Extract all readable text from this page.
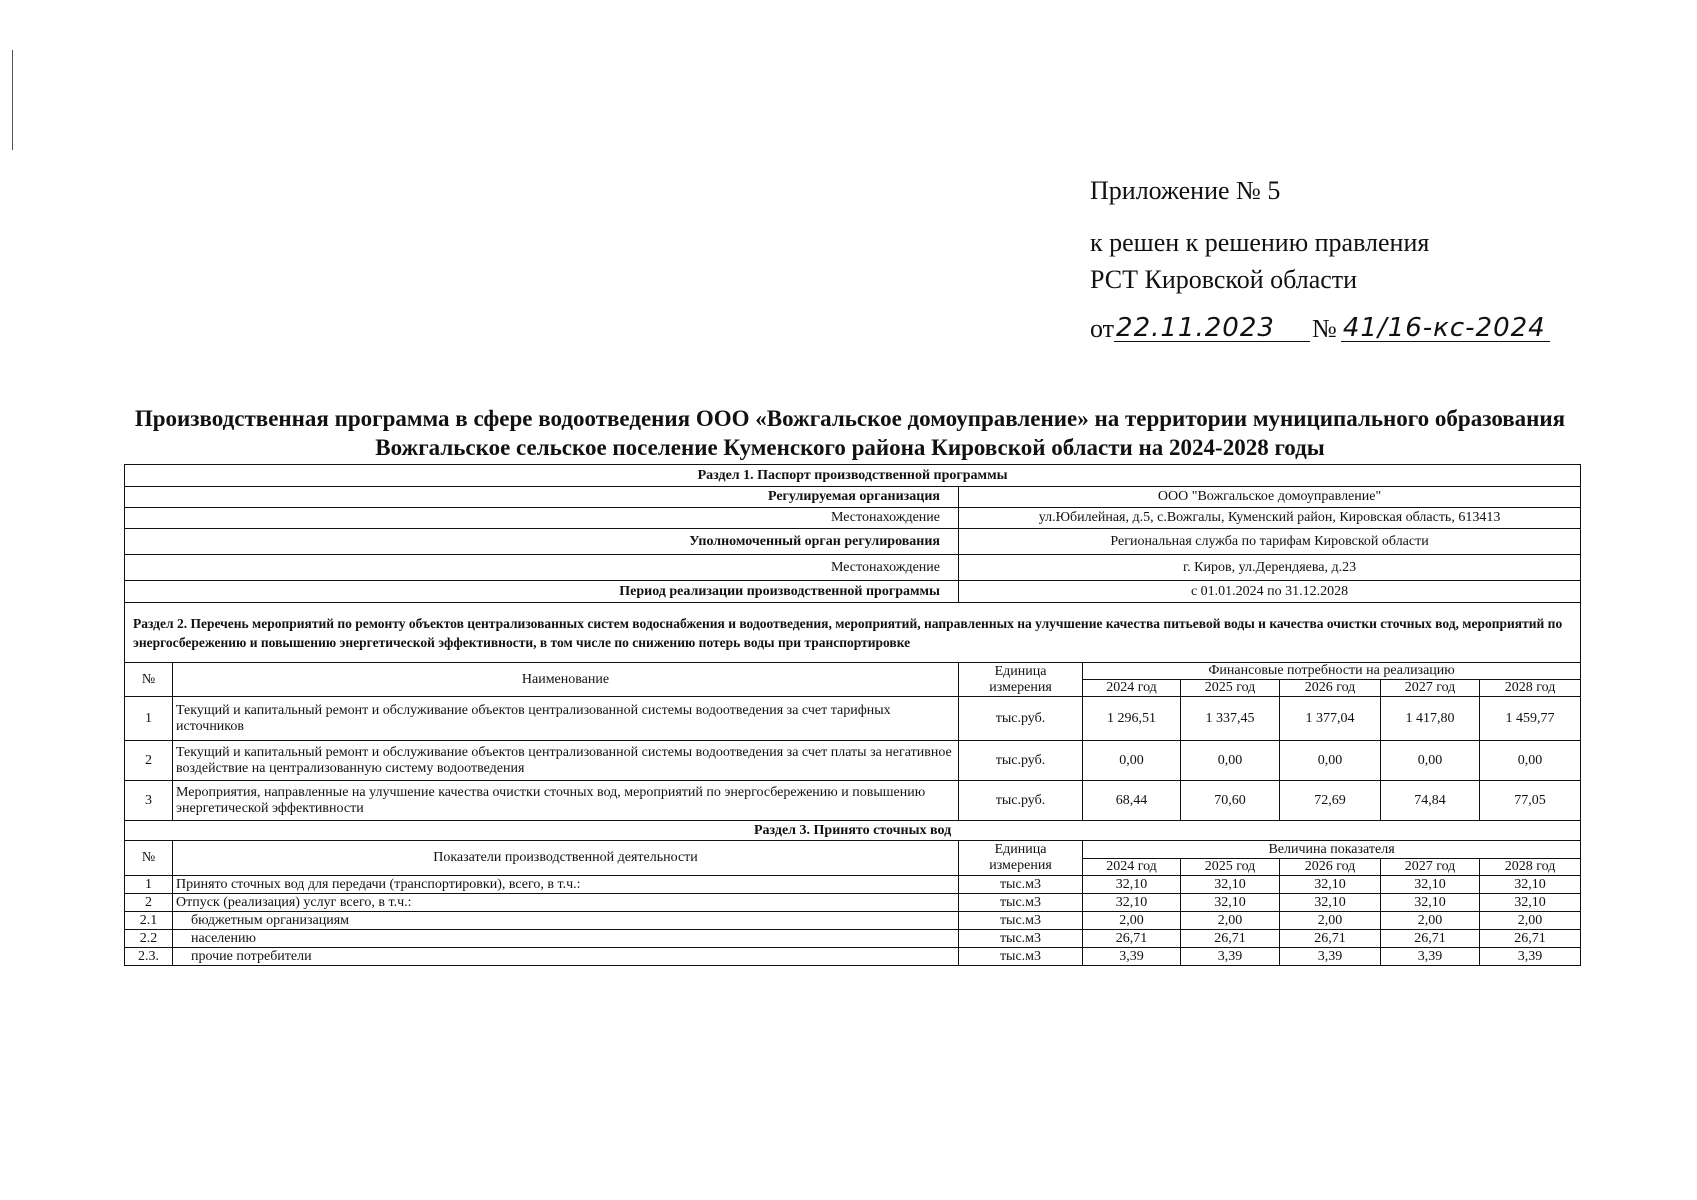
Приложение № 5
к решен к решению правления
РСТ Кировской области
от 22.11.2023	№ 41/16-кс-2024
Производственная программа в сфере водоотведения ООО «Вожгальское домоуправление» на территории муниципального образования Вожгальское сельское поселение Куменского района Кировской области на 2024-2028 годы
Раздел 1. Паспорт производственной программы							
Регулируемая организация		ООО "Вожгальское домоуправление"					
Местонахождение		ул.Юбилейная, д.5, с.Вожгалы, Куменский район, Кировская область, 613413					
Уполномоченный орган регулирования		Региональная служба по тарифам Кировской области					
Местонахождение		г. Киров, ул.Дерендяева, д.23					
Период реализации производственной программы		с 01.01.2024 по 31.12.2028					
Раздел 2. Перечень мероприятий по ремонту объектов централизованных систем водоснабжения и водоотведения, мероприятий, направленных на улучшение качества питьевой воды и качества очистки сточных вод, мероприятий по энергосбережению и повышению энергетической эффективности, в том числе по снижению потерь воды при транспортировке							
№	Наименование	Единица измерения	Финансовые потребности на реализацию				
			2024 год	2025 год	2026 год	2027 год	2028 год
1	Текущий и капитальный ремонт и обслуживание объектов централизованной системы водоотведения за счет тарифных источников	тыс.руб.	1 296,51	1 337,45	1 377,04	1 417,80	1 459,77
2	Текущий и капитальный ремонт и обслуживание объектов централизованной системы водоотведения за счет платы за негативное воздействие на централизованную систему водоотведения	тыс.руб.	0,00	0,00	0,00	0,00	0,00
3	Мероприятия, направленные на улучшение качества очистки сточных вод, мероприятий по энергосбережению и повышению энергетической эффективности	тыс.руб.	68,44	70,60	72,69	74,84	77,05
Раздел 3. Принято сточных вод							
№	Показатели производственной деятельности	Единица измерения	Величина показателя				
			2024 год	2025 год	2026 год	2027 год	2028 год
1	Принято сточных вод для передачи (транспортировки), всего, в т.ч.:	тыс.м3	32,10	32,10	32,10	32,10	32,10
2	Отпуск (реализация) услуг всего, в т.ч.:	тыс.м3	32,10	32,10	32,10	32,10	32,10
2.1	бюджетным организациям	тыс.м3	2,00	2,00	2,00	2,00	2,00
2.2	населению	тыс.м3	26,71	26,71	26,71	26,71	26,71
2.3.	прочие потребители	тыс.м3	3,39	3,39	3,39	3,39	3,39
